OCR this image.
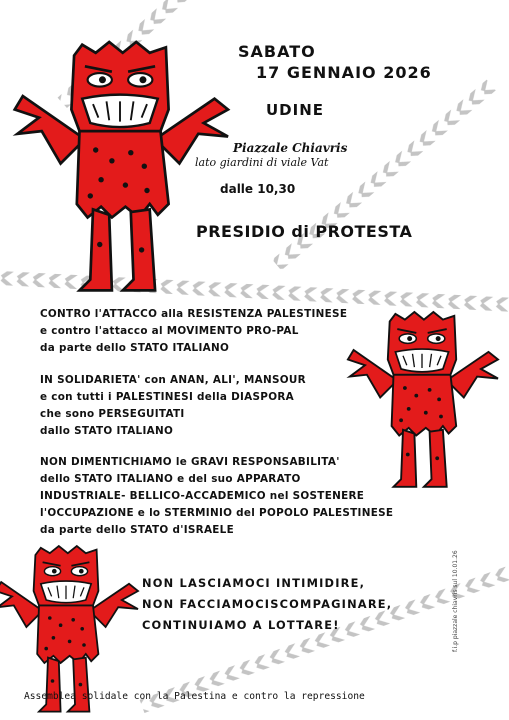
SABATO

17 GENNAIO 2026

UDINE

Piazzale Chiavris

lato giardini di viale Vat

dalle 10,30

PRESIDIO di PROTESTA

CONTRO l'ATTACCO alla RESISTENZA PALESTINESE
e contro l'attacco al MOVIMENTO PRO-PAL
da parte dello STATO ITALIANO
IN SOLIDARIETA' con ANAN, ALI', MANSOUR
e con tutti i PALESTINESI della DIASPORA
che sono PERSEGUITATI
dallo STATO ITALIANO
NON DIMENTICHIAMO le GRAVI RESPONSABILITA'
dello STATO ITALIANO e del suo APPARATO
INDUSTRIALE- BELLICO-ACCADEMICO nel SOSTENERE
l'OCCUPAZIONE e lo STERMINIO del POPOLO PALESTINESE
da parte dello STATO d'ISRAELE
NON LASCIAMOCI INTIMIDIRE,
NON FACCIAMOCISCOMPAGINARE,
CONTINUIAMO A LOTTARE!

Assemblea solidale con la Palestina e contro la repressione

f.i.p piazzale chiavris sul 10.01.26
